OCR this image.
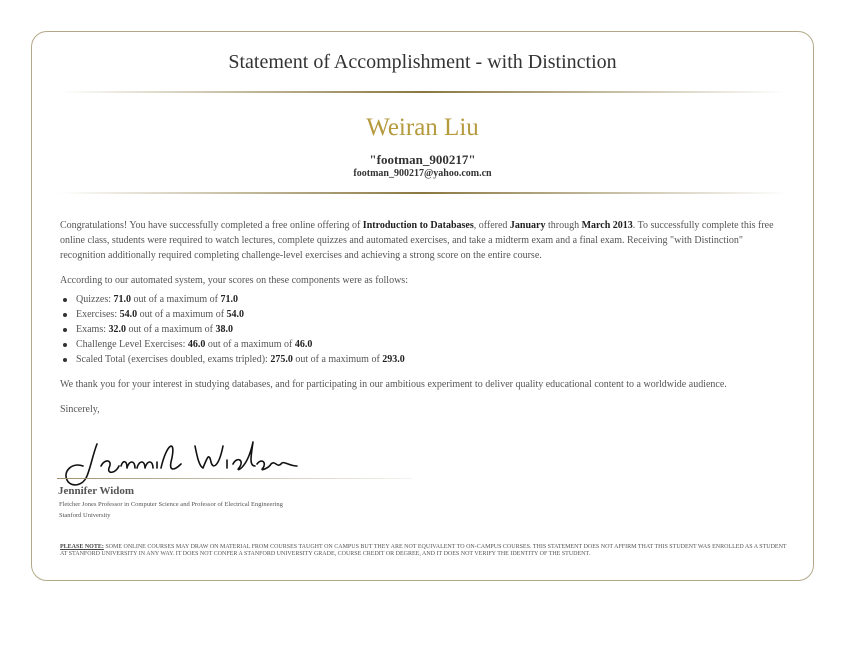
Statement of Accomplishment - with Distinction
Weiran Liu
"footman_900217"
footman_900217@yahoo.com.cn

Congratulations! You have successfully completed a free online offering of Introduction to Databases, offered January through March 2013. To successfully complete this free online class, students were required to watch lectures, complete quizzes and automated exercises, and take a midterm exam and a final exam. Receiving "with Distinction" recognition additionally required completing challenge-level exercises and achieving a strong score on the entire course.

According to our automated system, your scores on these components were as follows:

Quizzes: 71.0 out of a maximum of 71.0
Exercises: 54.0 out of a maximum of 54.0
Exams: 32.0 out of a maximum of 38.0
Challenge Level Exercises: 46.0 out of a maximum of 46.0
Scaled Total (exercises doubled, exams tripled): 275.0 out of a maximum of 293.0

We thank you for your interest in studying databases, and for participating in our ambitious experiment to deliver quality educational content to a worldwide audience.

Sincerely,

Jennifer Widom
Fletcher Jones Professor in Computer Science and Professor of Electrical Engineering
Stanford University
PLEASE NOTE: SOME ONLINE COURSES MAY DRAW ON MATERIAL FROM COURSES TAUGHT ON CAMPUS BUT THEY ARE NOT EQUIVALENT TO ON-CAMPUS COURSES. THIS STATEMENT DOES NOT AFFIRM THAT THIS STUDENT WAS ENROLLED AS A STUDENT AT STANFORD UNIVERSITY IN ANY WAY. IT DOES NOT CONFER A STANFORD UNIVERSITY GRADE, COURSE CREDIT OR DEGREE, AND IT DOES NOT VERIFY THE IDENTITY OF THE STUDENT.
